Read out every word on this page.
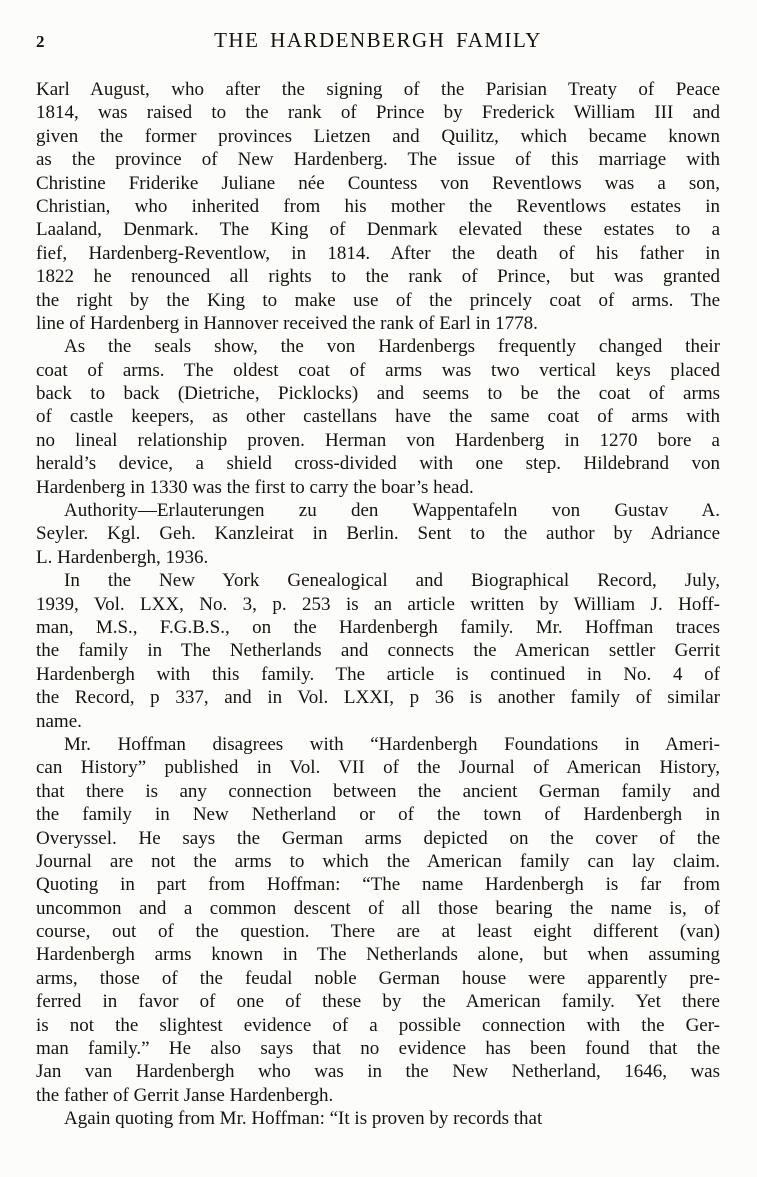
2	THE HARDENBERGH FAMILY
Karl August, who after the signing of the Parisian Treaty of Peace
1814, was raised to the rank of Prince by Frederick William III and
given the former provinces Lietzen and Quilitz, which became known
as the province of New Hardenberg. The issue of this marriage with
Christine Friderike Juliane née Countess von Reventlows was a son,
Christian, who inherited from his mother the Reventlows estates in
Laaland, Denmark. The King of Denmark elevated these estates to a
fief, Hardenberg-Reventlow, in 1814. After the death of his father in
1822 he renounced all rights to the rank of Prince, but was granted
the right by the King to make use of the princely coat of arms. The
line of Hardenberg in Hannover received the rank of Earl in 1778.
As the seals show, the von Hardenbergs frequently changed their
coat of arms. The oldest coat of arms was two vertical keys placed
back to back (Dietriche, Picklocks) and seems to be the coat of arms
of castle keepers, as other castellans have the same coat of arms with
no lineal relationship proven. Herman von Hardenberg in 1270 bore a
herald’s device, a shield cross-divided with one step. Hildebrand von
Hardenberg in 1330 was the first to carry the boar’s head.
Authority—Erlauterungen zu den Wappentafeln von Gustav A.
Seyler. Kgl. Geh. Kanzleirat in Berlin. Sent to the author by Adriance
L. Hardenbergh, 1936.
In the New York Genealogical and Biographical Record, July,
1939, Vol. LXX, No. 3, p. 253 is an article written by William J. Hoff-
man, M.S., F.G.B.S., on the Hardenbergh family. Mr. Hoffman traces
the family in The Netherlands and connects the American settler Gerrit
Hardenbergh with this family. The article is continued in No. 4 of
the Record, p 337, and in Vol. LXXI, p 36 is another family of similar
name.
Mr. Hoffman disagrees with “Hardenbergh Foundations in Ameri-
can History” published in Vol. VII of the Journal of American History,
that there is any connection between the ancient German family and
the family in New Netherland or of the town of Hardenbergh in
Overyssel. He says the German arms depicted on the cover of the
Journal are not the arms to which the American family can lay claim.
Quoting in part from Hoffman: “The name Hardenbergh is far from
uncommon and a common descent of all those bearing the name is, of
course, out of the question. There are at least eight different (van)
Hardenbergh arms known in The Netherlands alone, but when assuming
arms, those of the feudal noble German house were apparently pre-
ferred in favor of one of these by the American family. Yet there
is not the slightest evidence of a possible connection with the Ger-
man family.” He also says that no evidence has been found that the
Jan van Hardenbergh who was in the New Netherland, 1646, was
the father of Gerrit Janse Hardenbergh.
Again quoting from Mr. Hoffman: “It is proven by records that
